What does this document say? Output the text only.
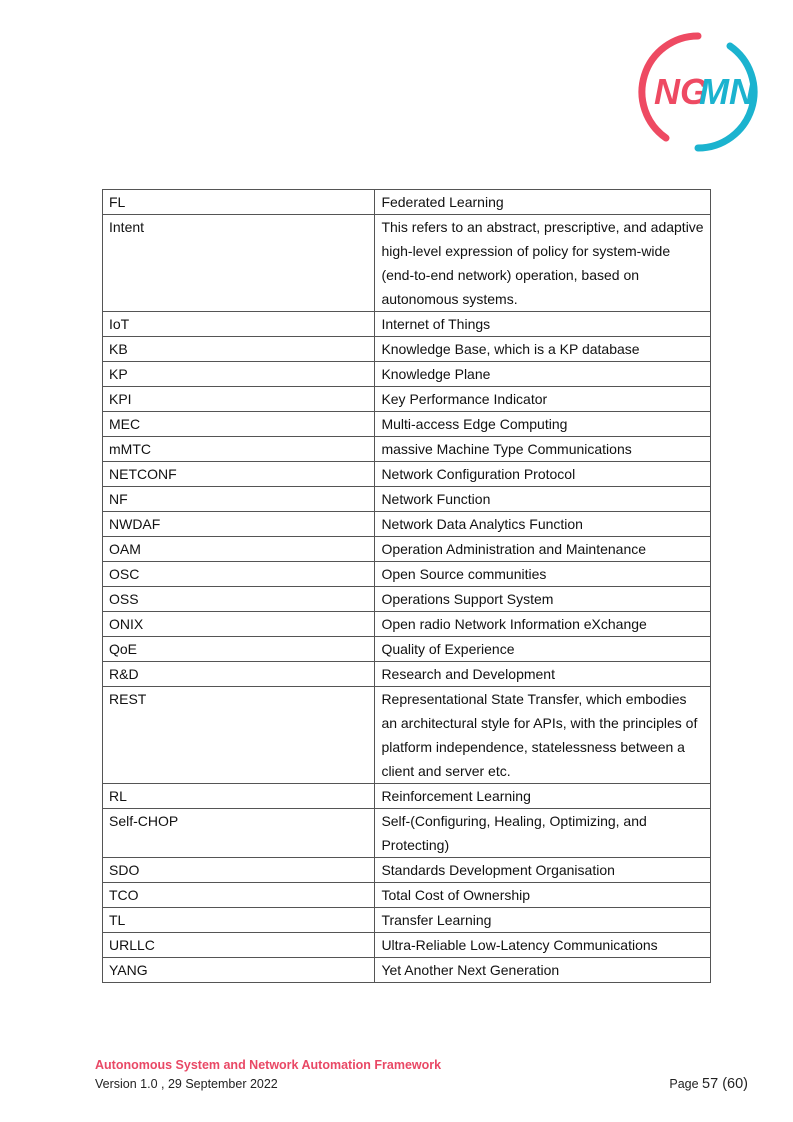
NG
MN
FL	Federated Learning
Intent	This refers to an abstract, prescriptive, and adaptive high-level expression of policy for system-wide (end-to-end network) operation, based on autonomous systems.
IoT	Internet of Things
KB	Knowledge Base, which is a KP database
KP	Knowledge Plane
KPI	Key Performance Indicator
MEC	Multi-access Edge Computing
mMTC	massive Machine Type Communications
NETCONF	Network Configuration Protocol
NF	Network Function
NWDAF	Network Data Analytics Function
OAM	Operation Administration and Maintenance
OSC	Open Source communities
OSS	Operations Support System
ONIX	Open radio Network Information eXchange
QoE	Quality of Experience
R&D	Research and Development
REST	Representational State Transfer, which embodies an architectural style for APIs, with the principles of platform independence, statelessness between a client and server etc.
RL	Reinforcement Learning
Self-CHOP	Self-(Configuring, Healing, Optimizing, and Protecting)
SDO	Standards Development Organisation
TCO	Total Cost of Ownership
TL	Transfer Learning
URLLC	Ultra-Reliable Low-Latency Communications
YANG	Yet Another Next Generation
Autonomous System and Network Automation Framework
Version 1.0 , 29 September 2022	Page 57 (60)
